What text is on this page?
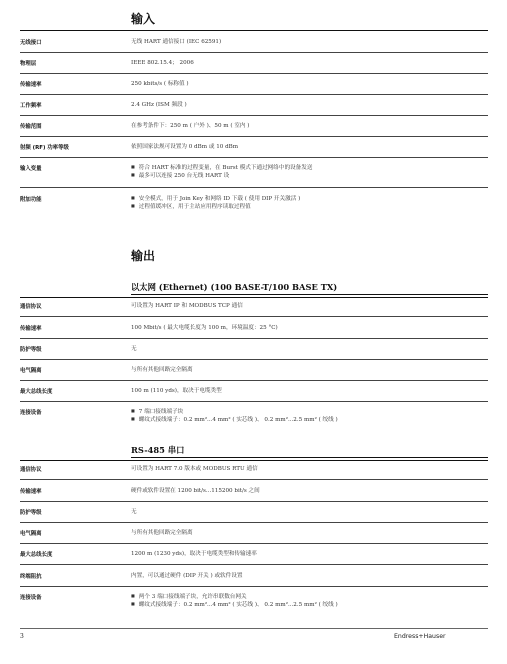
输入
无线接口	无线 HART 通信接口 (IEC 62591)
物理层	IEEE 802.15.4； 2006
传输速率	250 kbits/s ( 标称值 )
工作频率	2.4 GHz (ISM 频段 )
传输范围	在参考条件下：250 m ( 户外 )、50 m ( 室内 )
射频 (RF) 功率等级	依照国家法规可设置为 0 dBm 或 10 dBm
输入变量	■ 符合 HART 标准的过程变量，在 Burst 模式下通过网络中的设备发送
■ 最多可以连接 250 台无线 HART 设
附加功能	■ 安全模式，用于 Join Key 和网络 ID 下载 ( 使用 DIP 开关激活 )
■ 过程值缓冲区，用于主站应用程序读取过程值
输出
以太网 (Ethernet) (100 BASE-T/100 BASE TX)
通信协议	可设置为 HART IP 和 MODBUS TCP 通信
传输速率	100 Mbit/s ( 最大电缆长度为 100 m，环境温度：25 °C)
防护等级	无
电气隔离	与所有其他回路完全隔离
最大总线长度	100 m (110 yds)，取决于电缆类型
连接设备	■ 7 端口接线端子块
■ 螺纹式接线端子：0.2 mm²...4 mm² ( 实芯线 )、 0.2 mm²...2.5 mm² ( 绞线 )
RS-485 串口
通信协议	可设置为 HART 7.0 版本或 MODBUS RTU 通信
传输速率	硬件或软件设置在 1200 bit/s...115200 bit/s 之间
防护等级	无
电气隔离	与所有其他回路完全隔离
最大总线长度	1200 m (1230 yds)，取决于电缆类型和传输速率
终端阻抗	内置，可以通过硬件 (DIP 开关 ) 或软件设置
连接设备	■ 两个 3 端口接线端子块，允许串联数台网关
■ 螺纹式接线端子：0.2 mm²...4 mm² ( 实芯线 )、 0.2 mm²...2.5 mm² ( 绞线 )
3	Endress+Hauser
